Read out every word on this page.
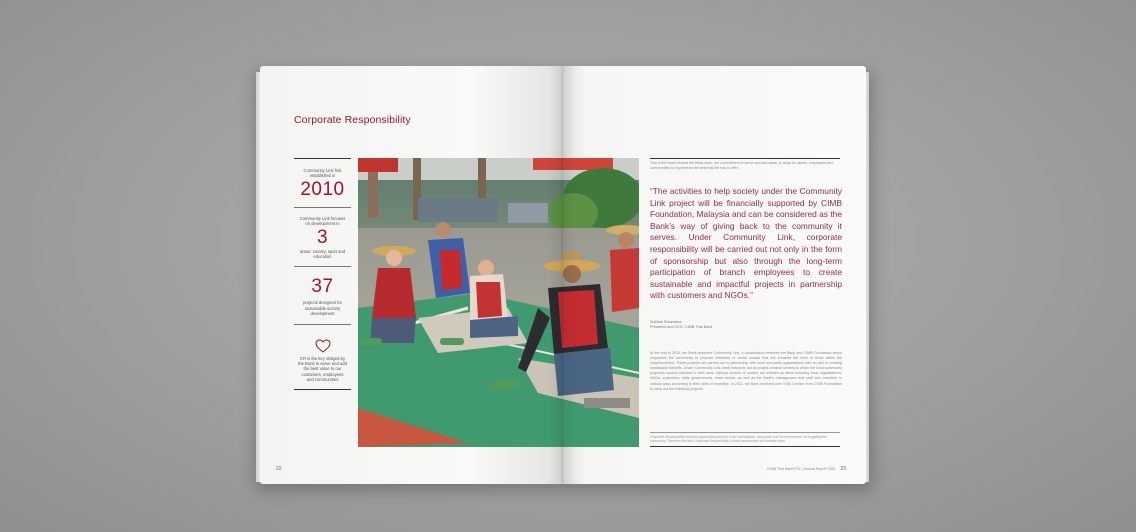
Corporate Responsibility
Community Link first established in
2010
Community Link focuses on development in
3
areas: society, sport and education
37
projects designed for sustainable society development
CR is the key obliged by the Bank to serve and add the best value to our customers, employees and communities
22
This is the heart of what the Bank does, the commitment to serve and add value, to allow its clients, employees and communities to experience the best that life has to offer.
“The activities to help society under the Community Link project will be financially supported by CIMB Foundation, Malaysia and can be considered as the Bank’s way of giving back to the community it serves. Under Community Link, corporate responsibility will be carried out not only in the form of sponsorship but also through the long-term participation of branch employees to create sustainable and impactful projects in partnership with customers and NGOs.”
Subhak Siwaraksa
President and CEO, CIMB Thai Bank
At the end of 2010, the Bank launched Community Link, a collaboration between the Bank and CIMB Foundation which empowers the community to propose initiatives or social causes that will enhance the lives of those within the neighbourhood. These projects are carried out in partnership with local non-profit organisations with an aim to creating sustainable benefits. Under Community Link, bank branches act as project creation centres to which the local community proposes causes relevant to their area. Various sectors of society are enlisted as allies including local organisations, NGOs, customers, state governments, mass media, as well as the Bank's management and staff who volunteer in various ways according to their skills or expertise. In 2011, the Bank received over THB 3 million from CIMB Foundation to carry out the following projects:
Corporate Responsibility includes responsible practices in the marketplace, work place and the environment not forgetting the community. Therefore the term Corporate Responsibility, a basic environment at a broader level.
CIMB Thai Bank PCL | Annual Report 2011 23
